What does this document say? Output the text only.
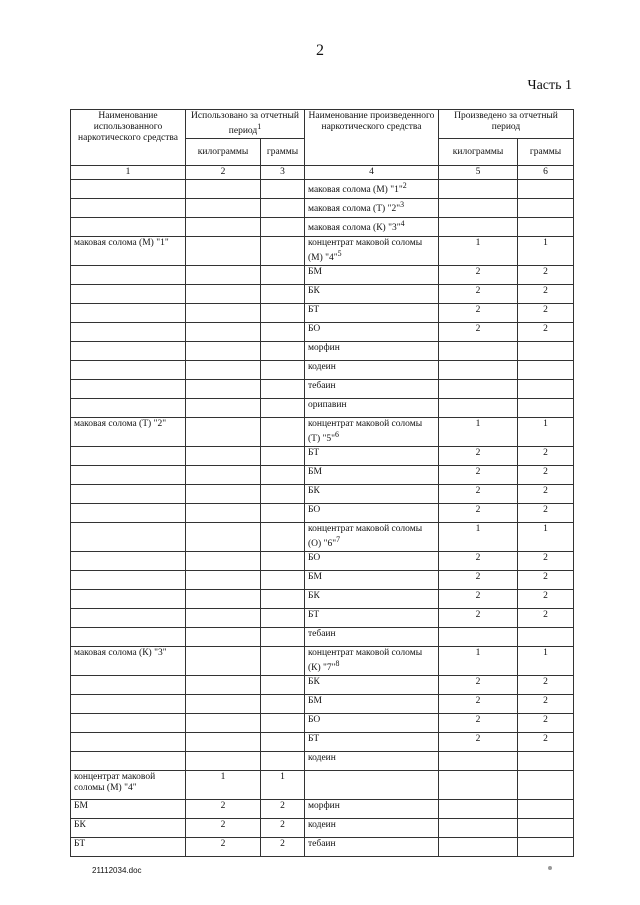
2
Часть 1
Наименование использованного наркотического средства	Использовано за отчетный период$^1$		Наименование произведенного наркотического средства	Произведено за отчетный период	
	килограммы	граммы		килограммы	граммы
1	2	3	4	5	6
			маковая солома (М) "1"$^2$		
			маковая солома (Т) "2"$^3$		
			маковая солома (К) "3"$^4$		
маковая солома (М) "1"			концентрат маковой соломы (М) "4"$^5$	1	1
			БМ	2	2
			БК	2	2
			БТ	2	2
			БО	2	2
			морфин		
			кодеин		
			тебаин		
			орипавин		
маковая солома (Т) "2"			концентрат маковой соломы (Т) "5"$^6$	1	1
			БТ	2	2
			БМ	2	2
			БК	2	2
			БО	2	2
			концентрат маковой соломы (О) "6"$^7$	1	1
			БО	2	2
			БМ	2	2
			БК	2	2
			БТ	2	2
			тебаин		
маковая солома (К) "3"			концентрат маковой соломы (К) "7"$^8$	1	1
			БК	2	2
			БМ	2	2
			БО	2	2
			БТ	2	2
			кодеин		
концентрат маковой соломы (М) "4"	1	1			
БМ	2	2	морфин		
БК	2	2	кодеин		
БТ	2	2	тебаин		
21112034.doc
